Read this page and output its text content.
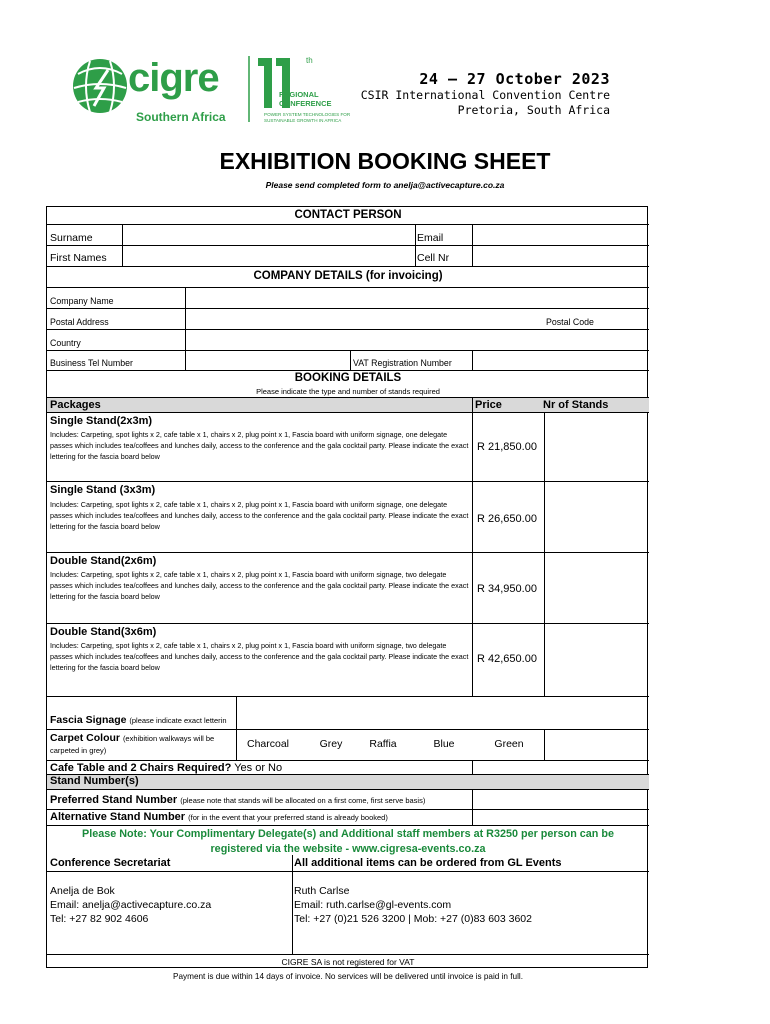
cigre
Southern Africa
th
REGIONAL
CONFERENCE
POWER SYSTEM TECHNOLOGIES FOR
SUSTAINABLE GROWTH IN AFRICA
24 – 27 October 2023
CSIR International Convention Centre
Pretoria, South Africa
EXHIBITION BOOKING SHEET
Please send completed form to anelja@activecapture.co.za
CONTACT PERSON
Surname	Email
First Names	Cell Nr
COMPANY DETAILS (for invoicing)
Company Name
Postal Address	Postal Code
Country
Business Tel Number	VAT Registration Number
BOOKING DETAILS
Please indicate the type and number of stands required
Packages	Price	Nr of Stands
Single Stand(2x3m)
Includes: Carpeting, spot lights x 2, cafe table x 1, chairs x 2, plug point x 1, Fascia board with uniform signage, one delegate passes which includes tea/coffees and lunches daily, access to the conference and the gala cocktail party. Please indicate the exact lettering for the fascia board below
R 21,850.00
Single Stand (3x3m)
Includes: Carpeting, spot lights x 2, cafe table x 1, chairs x 2, plug point x 1, Fascia board with uniform signage, one delegate passes which includes tea/coffees and lunches daily, access to the conference and the gala cocktail party. Please indicate the exact lettering for the fascia board below
R 26,650.00
Double Stand(2x6m)
Includes: Carpeting, spot lights x 2, cafe table x 1, chairs x 2, plug point x 1, Fascia board with uniform signage, two delegate passes which includes tea/coffees and lunches daily, access to the conference and the gala cocktail party. Please indicate the exact lettering for the fascia board below
R 34,950.00
Double Stand(3x6m)
Includes: Carpeting, spot lights x 2, cafe table x 1, chairs x 2, plug point x 1, Fascia board with uniform signage, two delegate passes which includes tea/coffees and lunches daily, access to the conference and the gala cocktail party. Please indicate the exact lettering for the fascia board below
R 42,650.00
Fascia Signage (please indicate exact letterin
Carpet Colour (exhibition walkways will be
carpeted in grey)
Charcoal	Grey	Raffia	Blue	Green
Cafe Table and 2 Chairs Required? Yes or No
Stand Number(s)
Preferred Stand Number (please note that stands will be allocated on a first come, first serve basis)
Alternative Stand Number (for in the event that your preferred stand is already booked)
Please Note: Your Complimentary Delegate(s) and Additional staff members at R3250 per person can be
registered via the website - www.cigresa-events.co.za
Conference Secretariat	All additional items can be ordered from GL Events
Anelja de Bok
Email: anelja@activecapture.co.za
Tel: +27 82 902 4606
Ruth Carlse
Email: ruth.carlse@gl-events.com
Tel: +27 (0)21 526 3200 | Mob: +27 (0)83 603 3602
CIGRE SA is not registered for VAT
Payment is due within 14 days of invoice. No services will be delivered until invoice is paid in full.
